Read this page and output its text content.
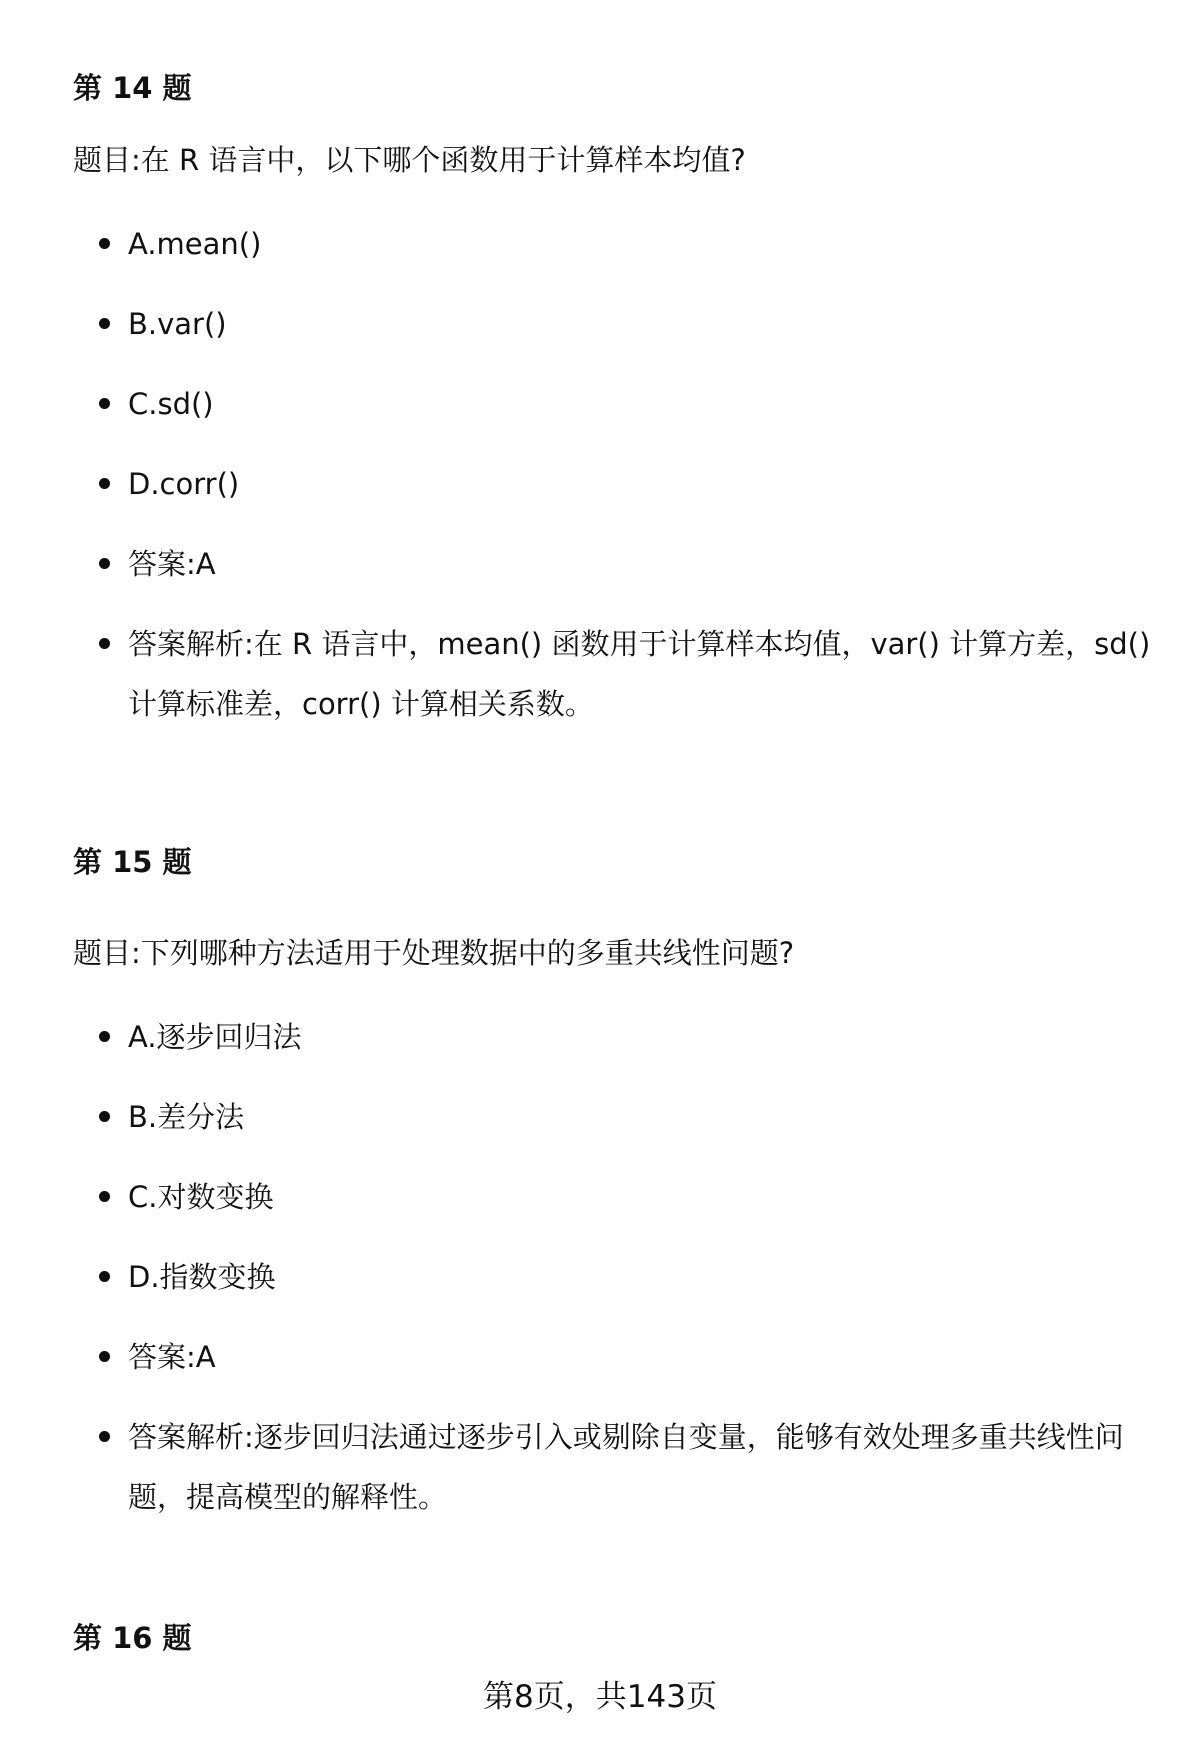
第 14 题

题目:在 R 语言中，以下哪个函数用于计算样本均值?

A.mean()
B.var()
C.sd()
D.corr()
答案:A
答案解析:在 R 语言中，mean() 函数用于计算样本均值，var() 计算方差，sd()
计算标准差，corr() 计算相关系数。
第 15 题

题目:下列哪种方法适用于处理数据中的多重共线性问题?

A.逐步回归法
B.差分法
C.对数变换
D.指数变换
答案:A
答案解析:逐步回归法通过逐步引入或剔除自变量，能够有效处理多重共线性问
题，提高模型的解释性。
第 16 题
第8页，共143页
